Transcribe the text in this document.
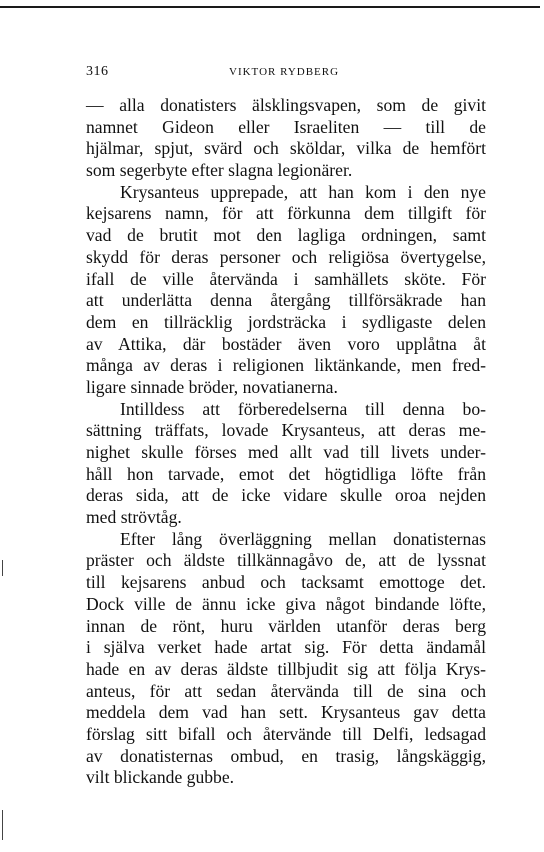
316	VIKTOR RYDBERG
— alla donatisters älsklingsvapen, som de givit
namnet Gideon eller Israeliten — till de
hjälmar, spjut, svärd och sköldar, vilka de hemfört
som segerbyte efter slagna legionärer.
Krysanteus upprepade, att han kom i den nye
kejsarens namn, för att förkunna dem tillgift för
vad de brutit mot den lagliga ordningen, samt
skydd för deras personer och religiösa övertygelse,
ifall de ville återvända i samhällets sköte. För
att underlätta denna återgång tillförsäkrade han
dem en tillräcklig jordsträcka i sydligaste delen
av Attika, där bostäder även voro upplåtna åt
många av deras i religionen liktänkande, men fred-
ligare sinnade bröder, novatianerna.
Intilldess att förberedelserna till denna bo-
sättning träffats, lovade Krysanteus, att deras me-
nighet skulle förses med allt vad till livets under-
håll hon tarvade, emot det högtidliga löfte från
deras sida, att de icke vidare skulle oroa nejden
med strövtåg.
Efter lång överläggning mellan donatisternas
präster och äldste tillkännagåvo de, att de lyssnat
till kejsarens anbud och tacksamt emottoge det.
Dock ville de ännu icke giva något bindande löfte,
innan de rönt, huru världen utanför deras berg
i själva verket hade artat sig. För detta ändamål
hade en av deras äldste tillbjudit sig att följa Krys-
anteus, för att sedan återvända till de sina och
meddela dem vad han sett. Krysanteus gav detta
förslag sitt bifall och återvände till Delfi, ledsagad
av donatisternas ombud, en trasig, långskäggig,
vilt blickande gubbe.
